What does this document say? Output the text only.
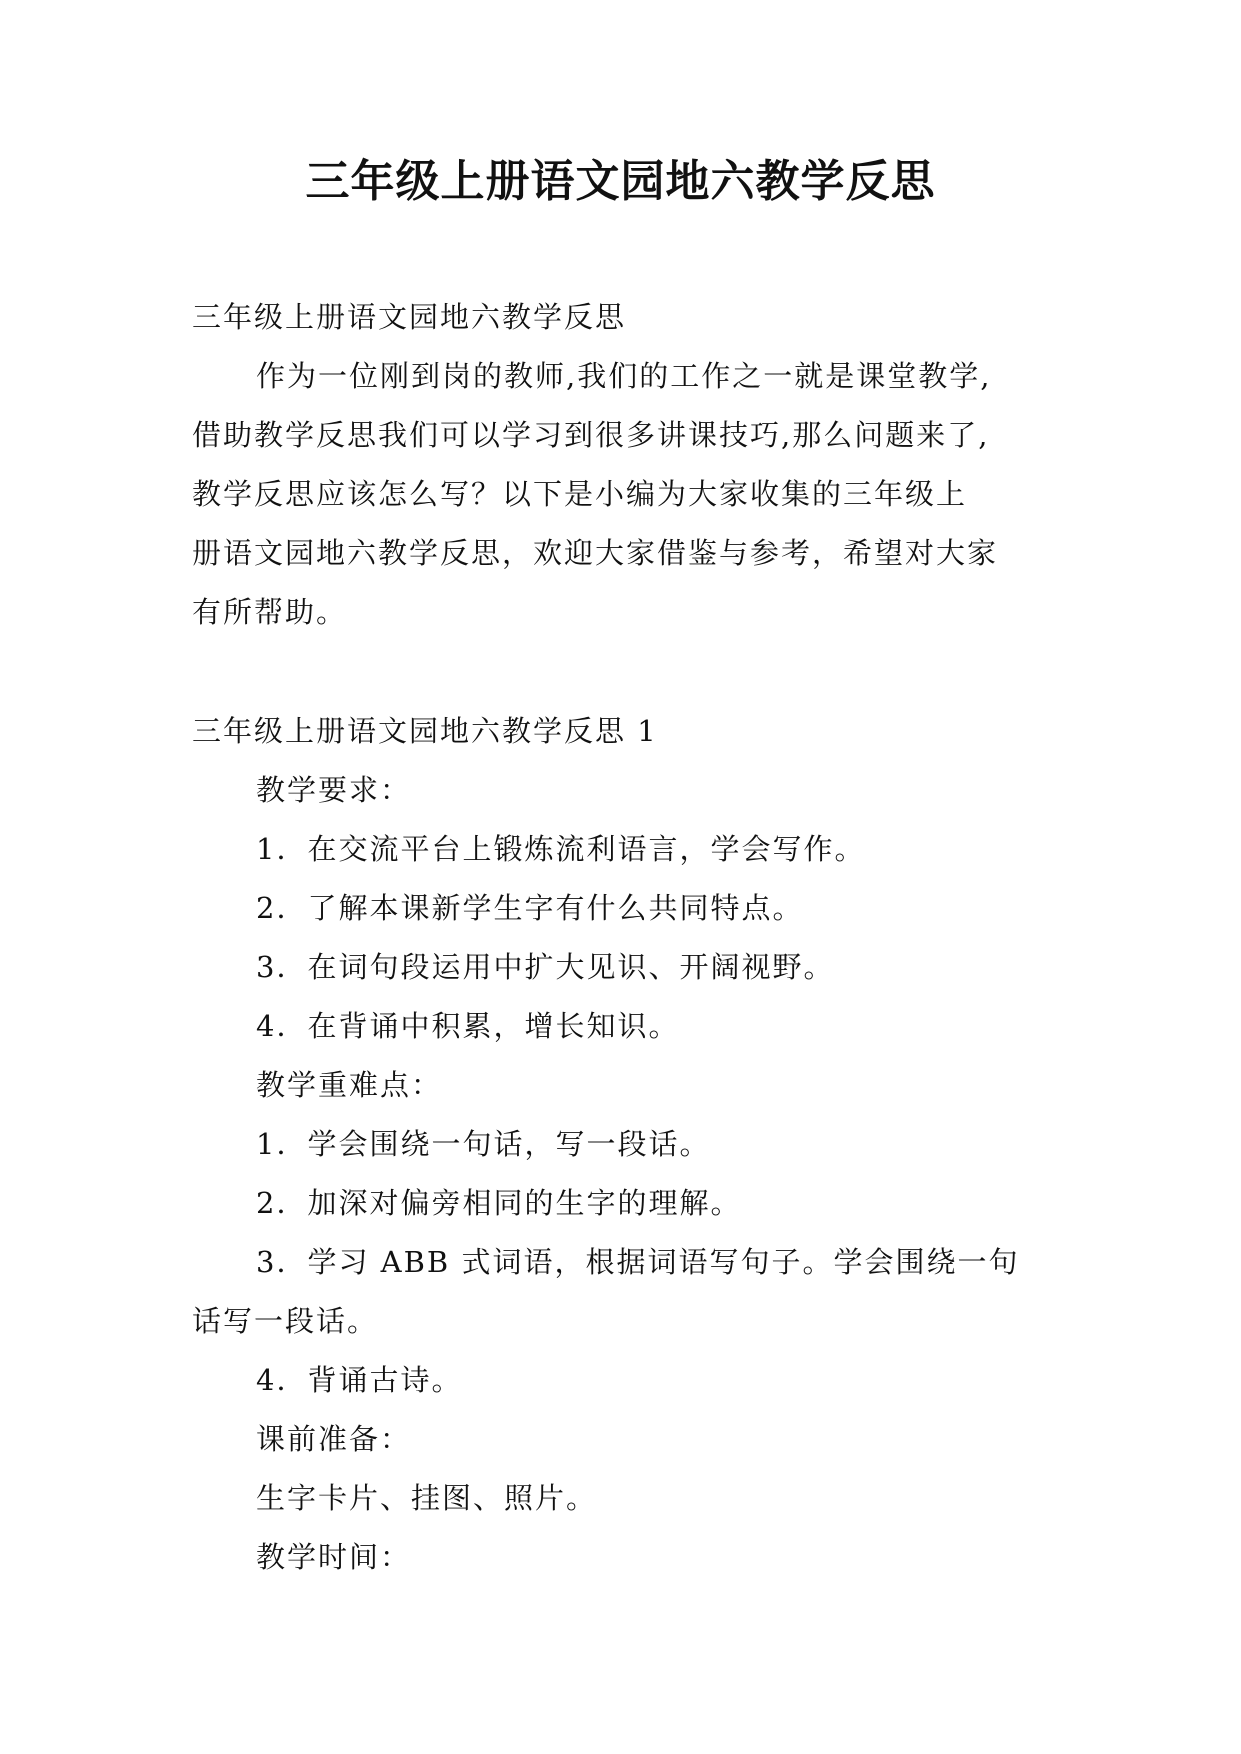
三年级上册语文园地六教学反思

三年级上册语文园地六教学反思

作为一位刚到岗的教师,我们的工作之一就是课堂教学,

借助教学反思我们可以学习到很多讲课技巧,那么问题来了,

教学反思应该怎么写？以下是小编为大家收集的三年级上

册语文园地六教学反思，欢迎大家借鉴与参考，希望对大家

有所帮助。

三年级上册语文园地六教学反思 1

教学要求：

1．在交流平台上锻炼流利语言，学会写作。

2．了解本课新学生字有什么共同特点。

3．在词句段运用中扩大见识、开阔视野。

4．在背诵中积累，增长知识。

教学重难点：

1．学会围绕一句话，写一段话。

2．加深对偏旁相同的生字的理解。

3．学习 ABB 式词语，根据词语写句子。学会围绕一句

话写一段话。

4．背诵古诗。

课前准备：

生字卡片、挂图、照片。

教学时间：
